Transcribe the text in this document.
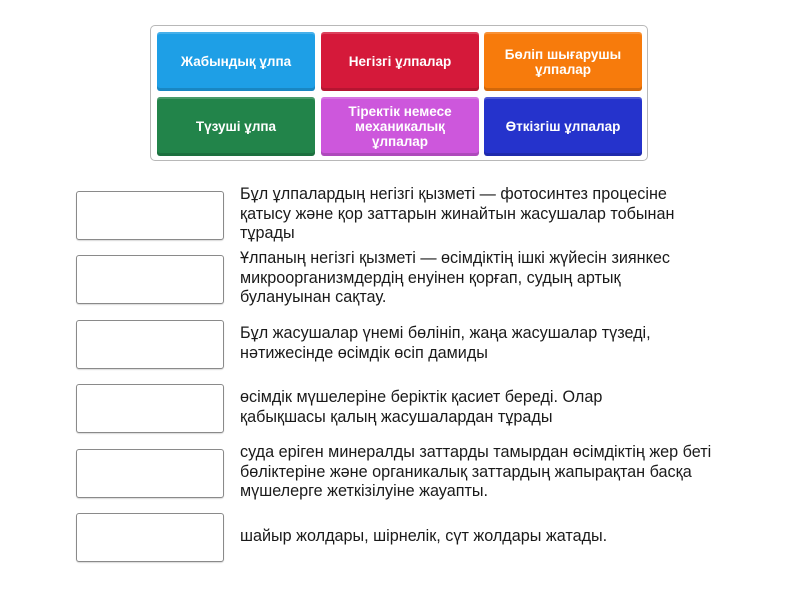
Жабындық ұлпа	Негізгі ұлпалар	Бөліп шығарушы ұлпалар
Түзуші ұлпа
Тіректік немесе механикалық ұлпалар
Өткізгіш ұлпалар
Бұл ұлпалардың негізгі қызметі — фотосинтез процесіне қатысу және қор заттарын жинайтын жасушалар тобынан тұрады
Ұлпаның негізгі қызметі — өсімдіктің ішкі жүйесін зиянкес микроорганизмдердің енуінен қорғап, судың артық булануынан сақтау.
Бұл жасушалар үнемі бөлініп, жаңа жасушалар түзеді, нәтижесінде өсімдік өсіп дамиды
өсімдік мүшелеріне беріктік қасиет береді. Олар қабықшасы қалың жасушалардан тұрады
суда еріген минералды заттарды тамырдан өсімдіктің жер беті бөліктеріне және органикалық заттардың жапырақтан басқа мүшелерге жеткізілуіне жауапты.
шайыр жолдары, шірнелік, сүт жолдары жатады.
